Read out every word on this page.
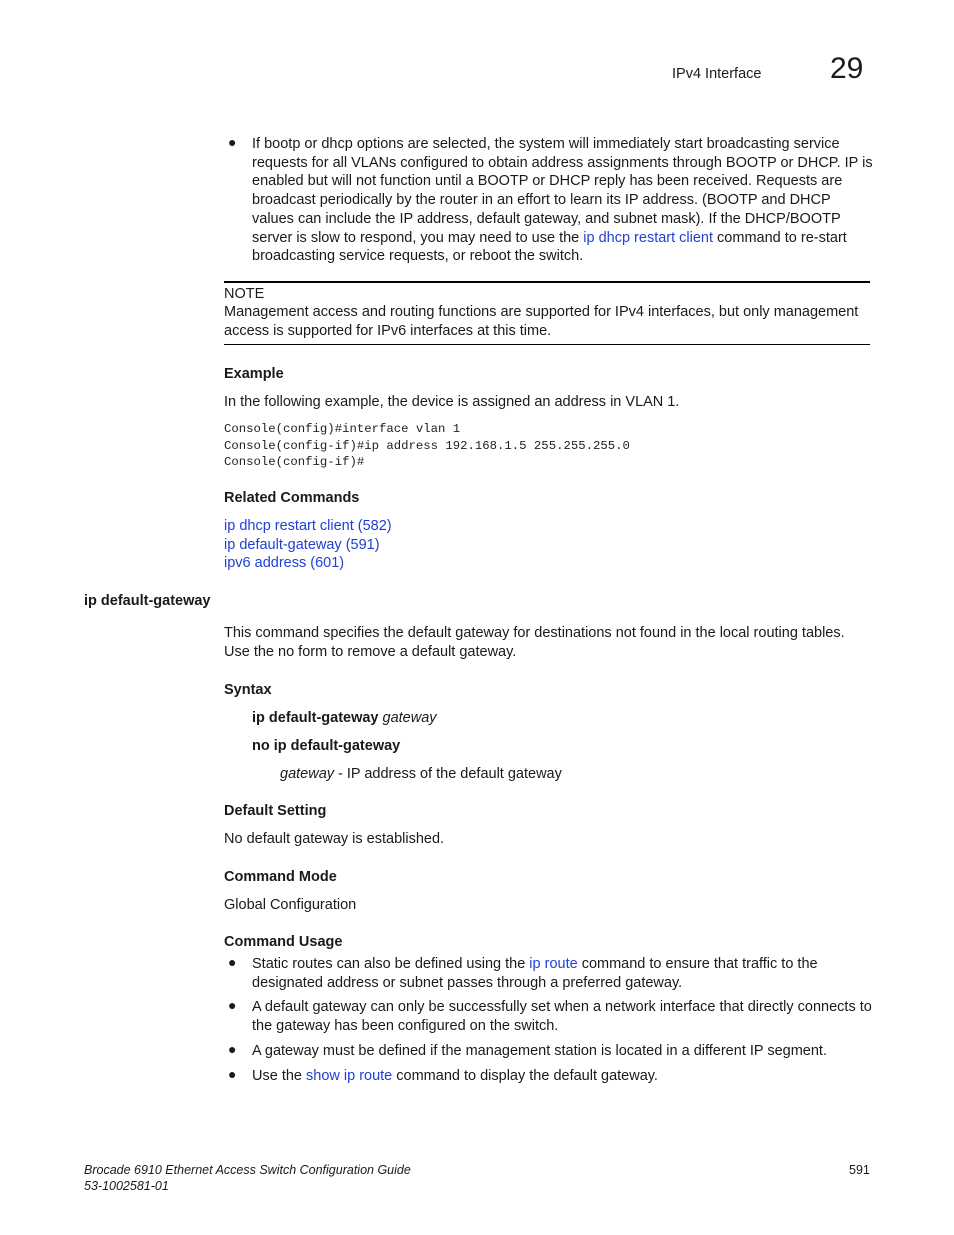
IPv4 Interface 29
● If bootp or dhcp options are selected, the system will immediately start broadcasting service requests for all VLANs configured to obtain address assignments through BOOTP or DHCP. IP is enabled but will not function until a BOOTP or DHCP reply has been received. Requests are broadcast periodically by the router in an effort to learn its IP address. (BOOTP and DHCP values can include the IP address, default gateway, and subnet mask). If the DHCP/BOOTP server is slow to respond, you may need to use the ip dhcp restart client command to re-start broadcasting service requests, or reboot the switch.
NOTE
Management access and routing functions are supported for IPv4 interfaces, but only management access is supported for IPv6 interfaces at this time.
Example
In the following example, the device is assigned an address in VLAN 1.
Console(config)#interface vlan 1
Console(config-if)#ip address 192.168.1.5 255.255.255.0
Console(config-if)#
Related Commands
ip dhcp restart client (582)
ip default-gateway (591)
ipv6 address (601)
ip default-gateway
This command specifies the default gateway for destinations not found in the local routing tables. Use the no form to remove a default gateway.
Syntax
ip default-gateway gateway
no ip default-gateway
gateway - IP address of the default gateway
Default Setting
No default gateway is established.
Command Mode
Global Configuration
Command Usage
● Static routes can also be defined using the ip route command to ensure that traffic to the designated address or subnet passes through a preferred gateway.
● A default gateway can only be successfully set when a network interface that directly connects to the gateway has been configured on the switch.
● A gateway must be defined if the management station is located in a different IP segment.
● Use the show ip route command to display the default gateway.
Brocade 6910 Ethernet Access Switch Configuration Guide
53-1002581-01
591
